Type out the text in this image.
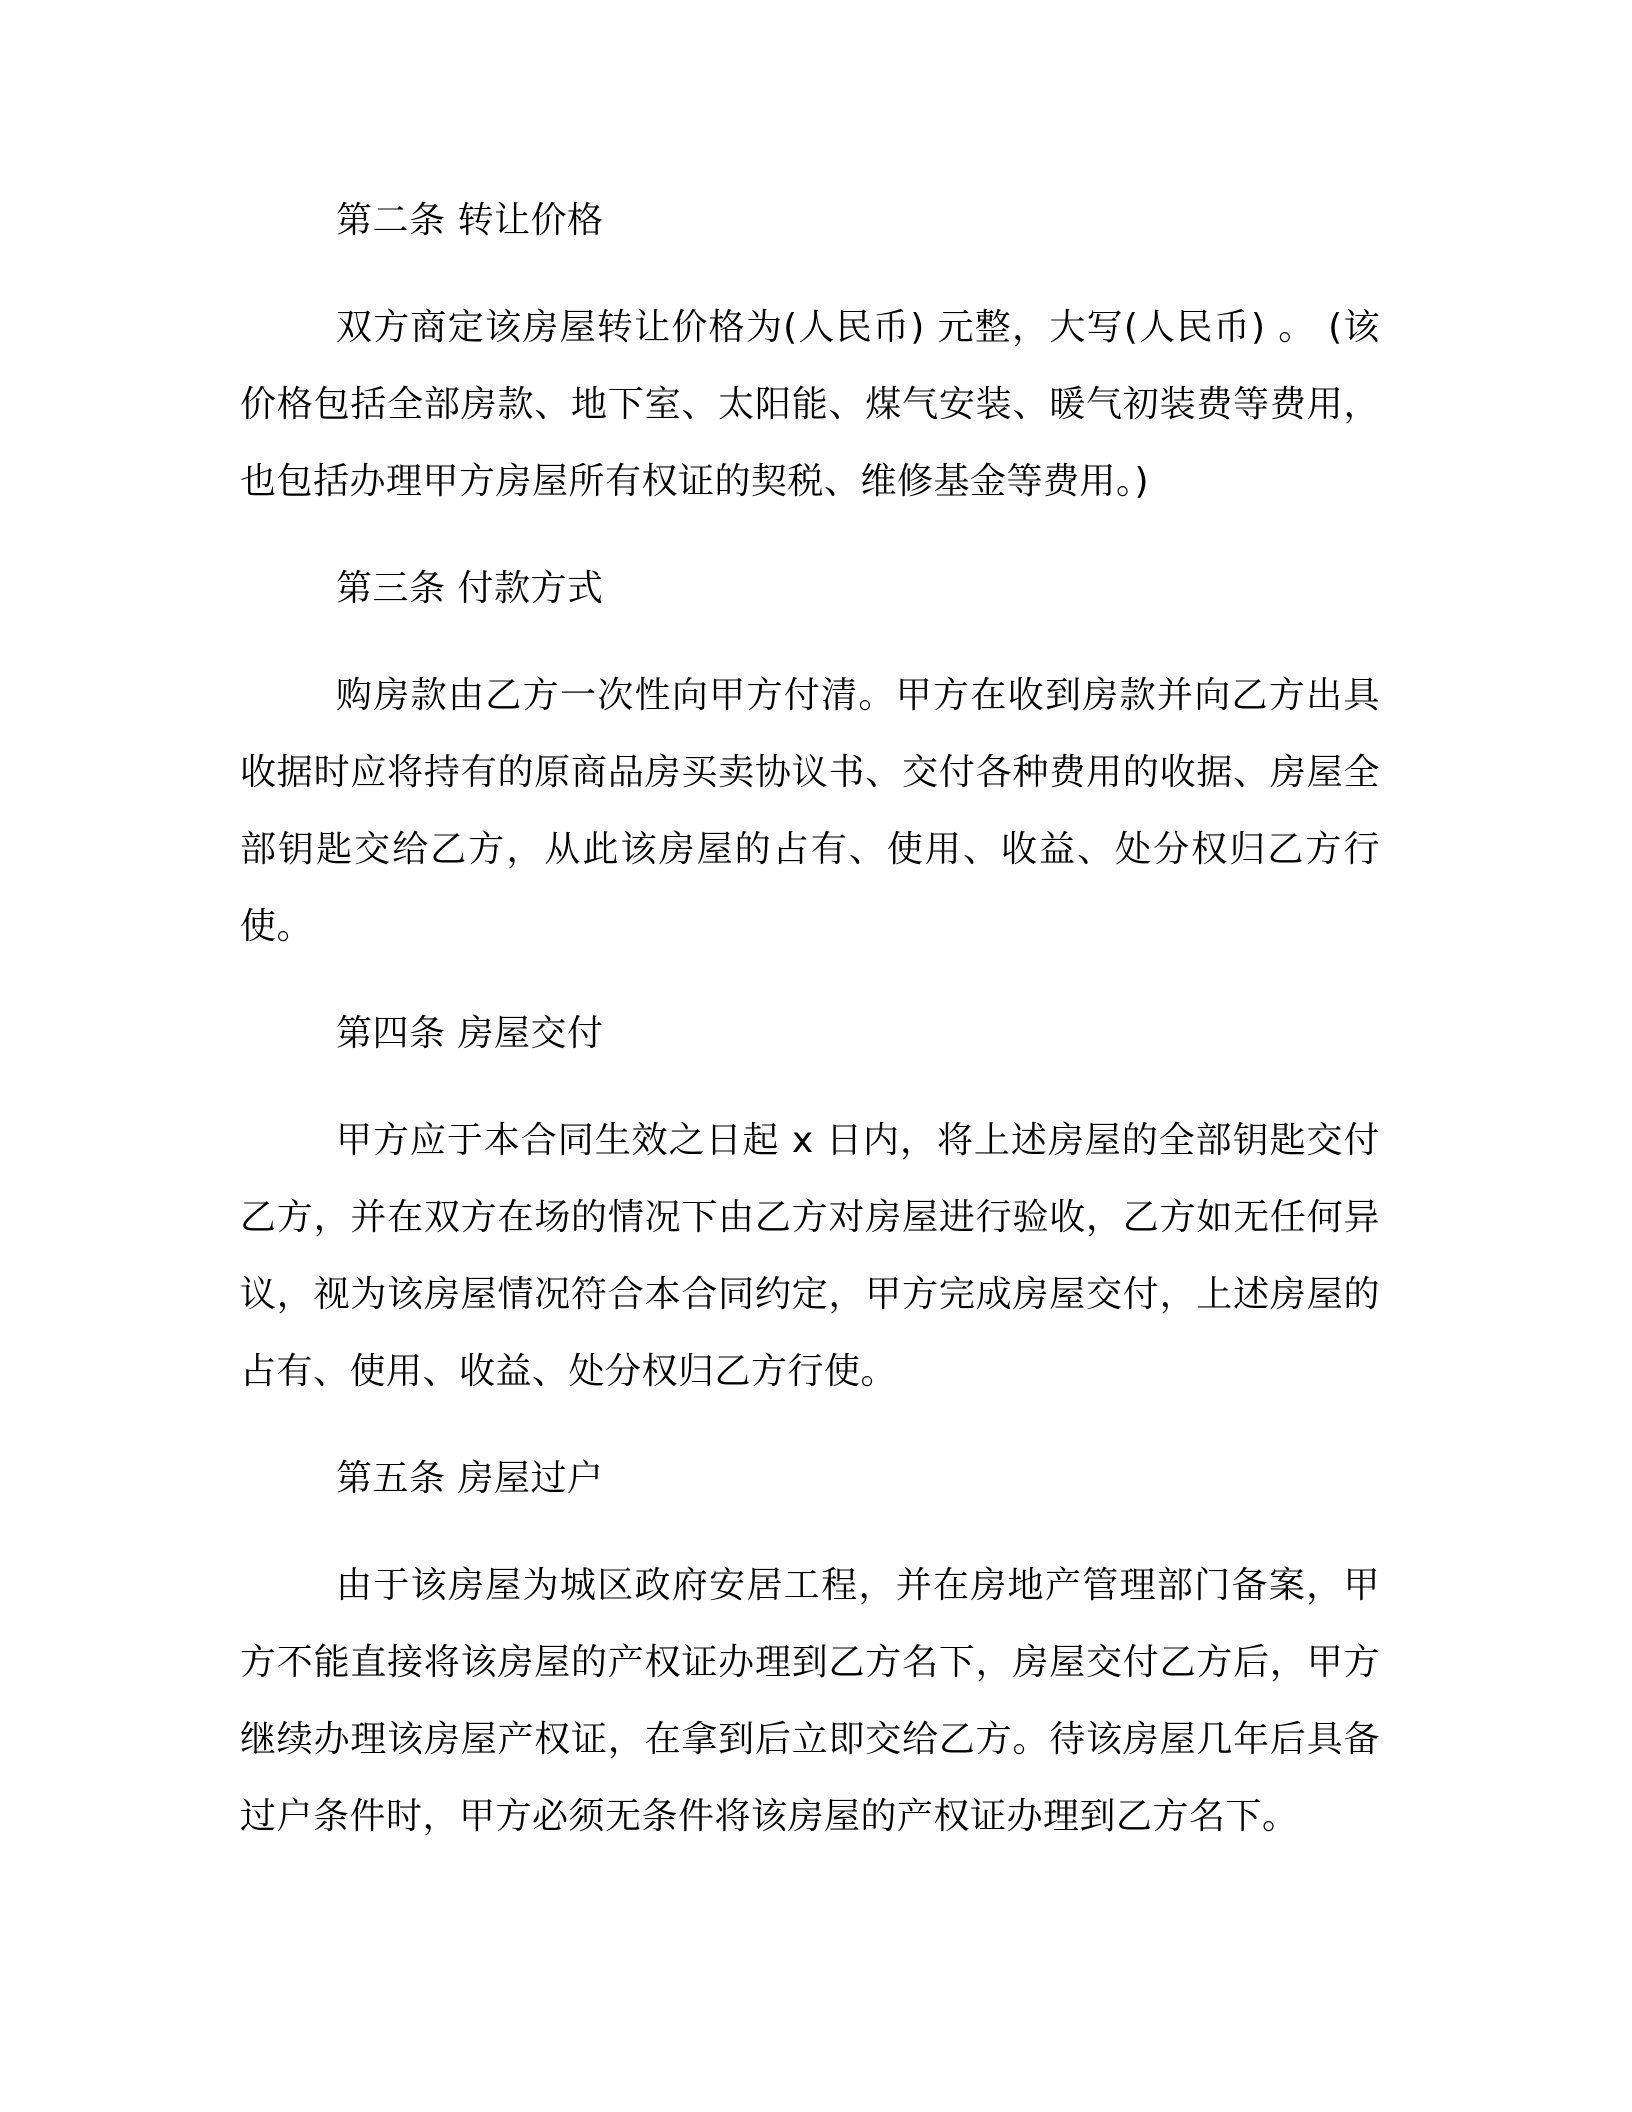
第二条 转让价格

双方商定该房屋转让价格为(人民币) 元整，大写(人民币) 。 (该价格包括全部房款、地下室、太阳能、煤气安装、暖气初装费等费用，也包括办理甲方房屋所有权证的契税、维修基金等费用。)

第三条 付款方式

购房款由乙方一次性向甲方付清。甲方在收到房款并向乙方出具收据时应将持有的原商品房买卖协议书、交付各种费用的收据、房屋全部钥匙交给乙方，从此该房屋的占有、使用、收益、处分权归乙方行使。

第四条 房屋交付

甲方应于本合同生效之日起 x 日内，将上述房屋的全部钥匙交付乙方，并在双方在场的情况下由乙方对房屋进行验收，乙方如无任何异议，视为该房屋情况符合本合同约定，甲方完成房屋交付，上述房屋的占有、使用、收益、处分权归乙方行使。

第五条 房屋过户

由于该房屋为城区政府安居工程，并在房地产管理部门备案，甲方不能直接将该房屋的产权证办理到乙方名下，房屋交付乙方后，甲方继续办理该房屋产权证，在拿到后立即交给乙方。待该房屋几年后具备过户条件时，甲方必须无条件将该房屋的产权证办理到乙方名下。
